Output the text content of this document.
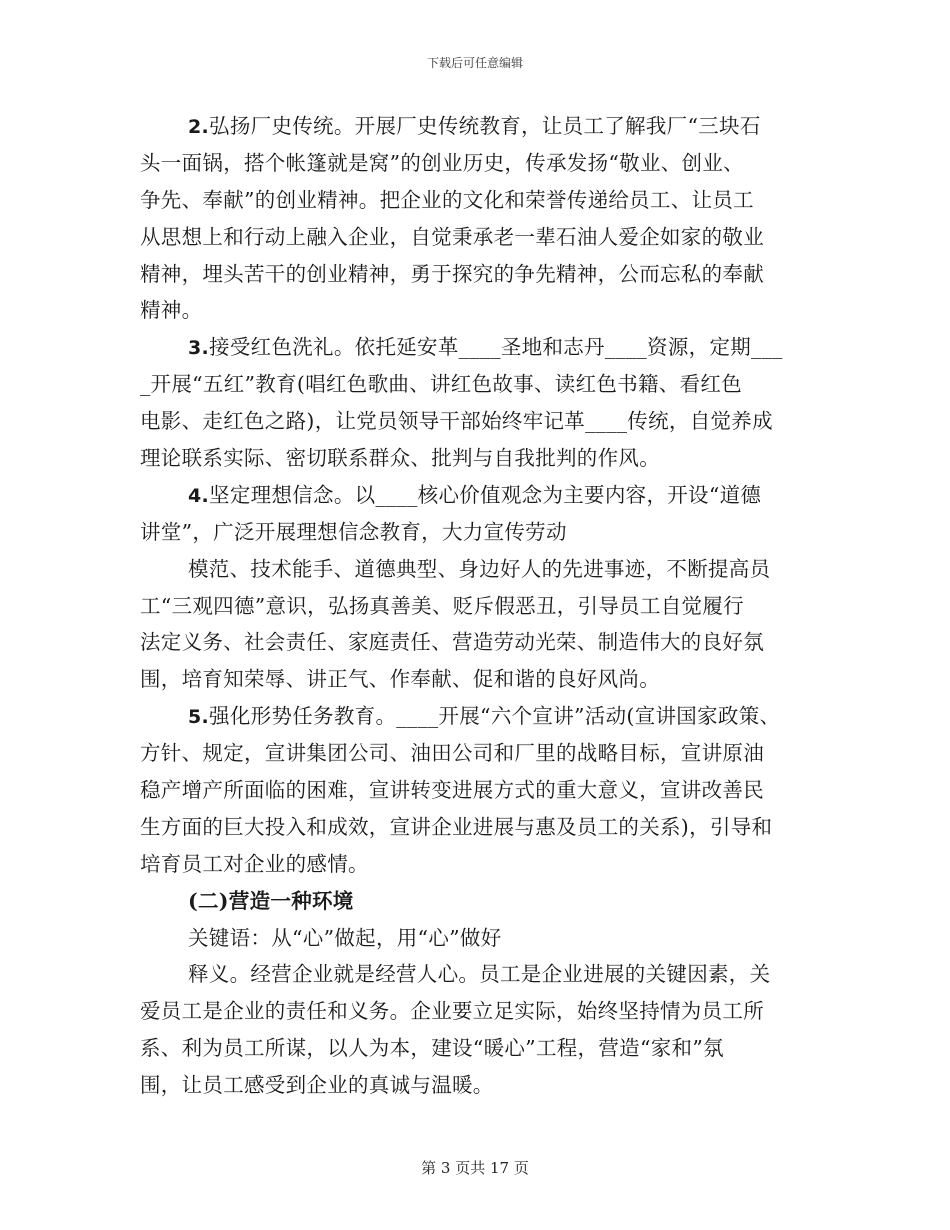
下载后可任意编辑
2.弘扬厂史传统。开展厂史传统教育，让员工了解我厂“三块石
头一面锅，搭个帐篷就是窝”的创业历史，传承发扬“敬业、创业、
争先、奉献”的创业精神。把企业的文化和荣誉传递给员工、让员工
从思想上和行动上融入企业，自觉秉承老一辈石油人爱企如家的敬业
精神，埋头苦干的创业精神，勇于探究的争先精神，公而忘私的奉献
精神。
3.接受红色洗礼。依托延安革____圣地和志丹____资源，定期___
_开展“五红”教育(唱红色歌曲、讲红色故事、读红色书籍、看红色
电影、走红色之路)，让党员领导干部始终牢记革____传统，自觉养成
理论联系实际、密切联系群众、批判与自我批判的作风。
4.坚定理想信念。以____核心价值观念为主要内容，开设“道德
讲堂”，广泛开展理想信念教育，大力宣传劳动
模范、技术能手、道德典型、身边好人的先进事迹，不断提高员
工“三观四德”意识，弘扬真善美、贬斥假恶丑，引导员工自觉履行
法定义务、社会责任、家庭责任、营造劳动光荣、制造伟大的良好氛
围，培育知荣辱、讲正气、作奉献、促和谐的良好风尚。
5.强化形势任务教育。____开展“六个宣讲”活动(宣讲国家政策、
方针、规定，宣讲集团公司、油田公司和厂里的战略目标，宣讲原油
稳产增产所面临的困难，宣讲转变进展方式的重大意义，宣讲改善民
生方面的巨大投入和成效，宣讲企业进展与惠及员工的关系)，引导和
培育员工对企业的感情。
(二)营造一种环境
关键语：从“心”做起，用“心”做好
释义。经营企业就是经营人心。员工是企业进展的关键因素，关
爱员工是企业的责任和义务。企业要立足实际，始终坚持情为员工所
系、利为员工所谋，以人为本，建设“暖心”工程，营造“家和”氛
围，让员工感受到企业的真诚与温暖。
第 3 页共 17 页
